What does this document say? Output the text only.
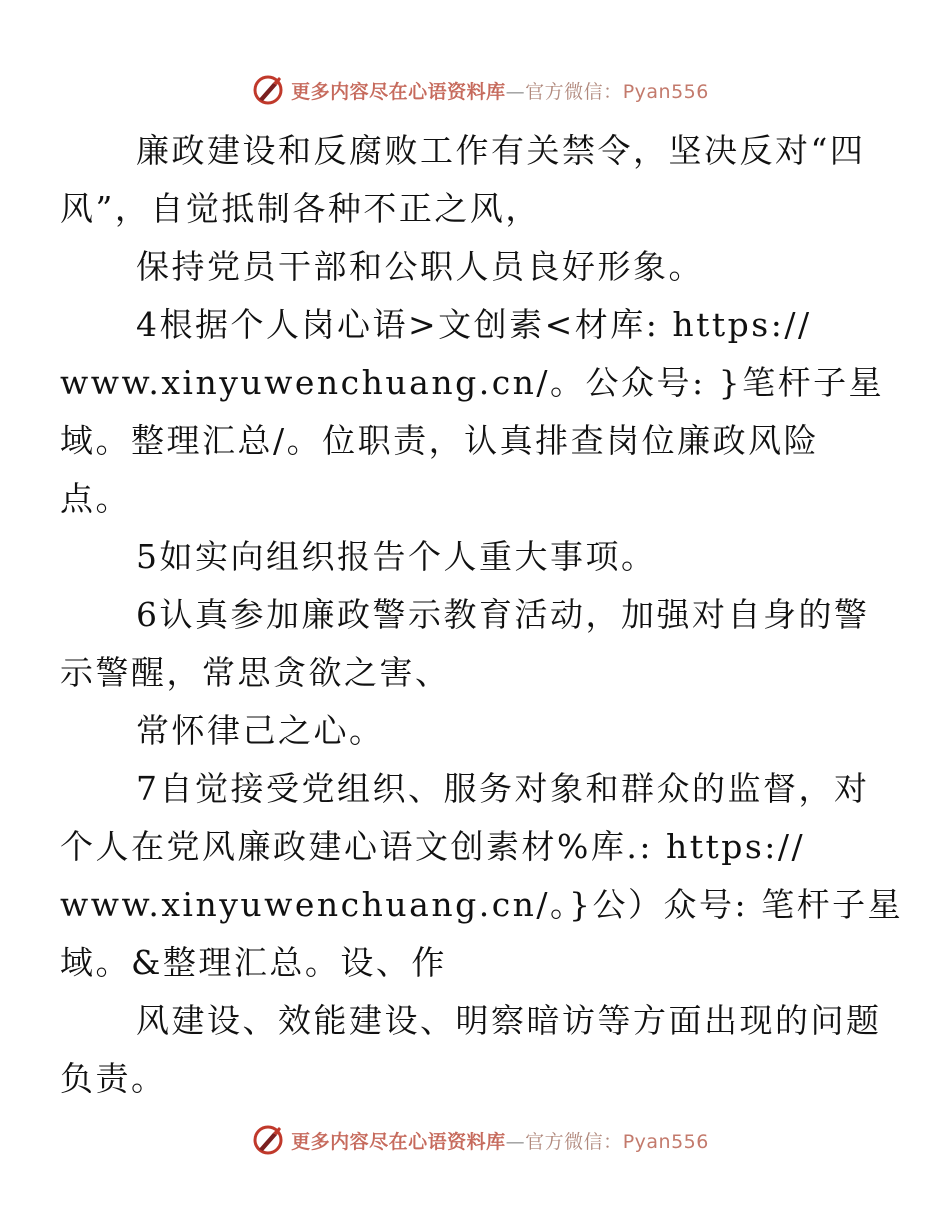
更多内容尽在心语资料库—官方微信：Pyan556

廉政建设和反腐败工作有关禁令，坚决反对“四
风”，自觉抵制各种不正之风，

保持党员干部和公职人员良好形象。

4根据个人岗心语>文创素<材库: https://
www.xinyuwenchuang.cn/。公众号: }笔杆子星
域。整理汇总/。位职责，认真排查岗位廉政风险
点。

5如实向组织报告个人重大事项。

6认真参加廉政警示教育活动，加强对自身的警
示警醒，常思贪欲之害、

常怀律己之心。

7自觉接受党组织、服务对象和群众的监督，对
个人在党风廉政建心语文创素材%库.: https://
www.xinyuwenchuang.cn/。}公）众号: 笔杆子星
域。&整理汇总。设、作

风建设、效能建设、明察暗访等方面出现的问题
负责。

更多内容尽在心语资料库—官方微信：Pyan556
